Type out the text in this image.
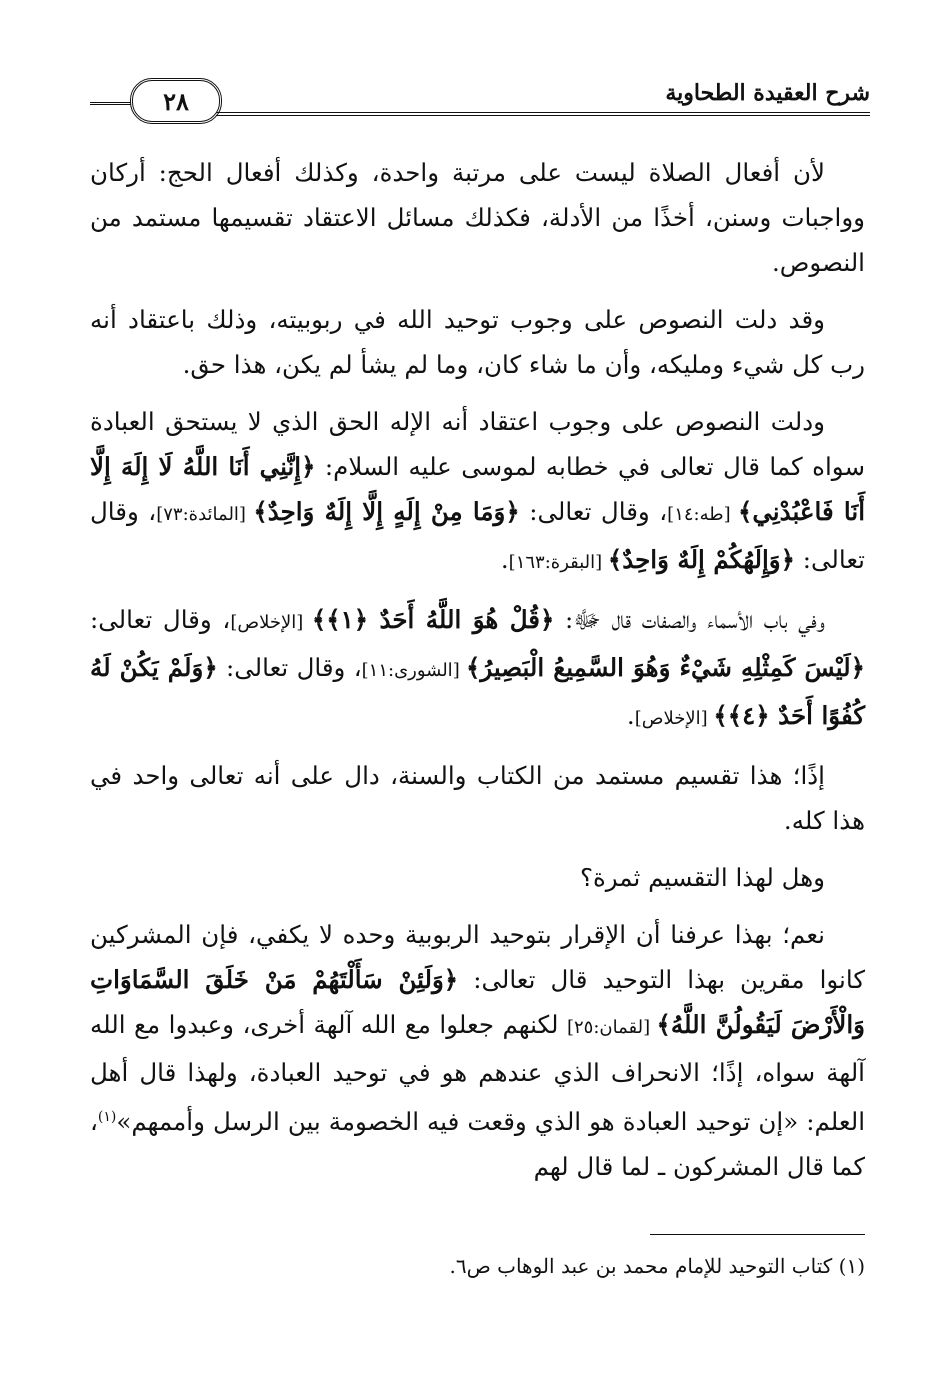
شرح العقيدة الطحاوية
٢٨

لأن أفعال الصلاة ليست على مرتبة واحدة، وكذلك أفعال الحج: أركان وواجبات وسنن، أخذًا من الأدلة، فكذلك مسائل الاعتقاد تقسيمها مستمد من النصوص.

وقد دلت النصوص على وجوب توحيد الله في ربوبيته، وذلك باعتقاد أنه رب كل شيء ومليكه، وأن ما شاء كان، وما لم يشأ لم يكن، هذا حق.

ودلت النصوص على وجوب اعتقاد أنه الإله الحق الذي لا يستحق العبادة سواه كما قال تعالى في خطابه لموسى عليه السلام: ﴿إِنَّنِي أَنَا اللَّهُ لَا إِلَهَ إِلَّا أَنَا فَاعْبُدْنِي﴾ [طه:١٤]، وقال تعالى: ﴿وَمَا مِنْ إِلَهٍ إِلَّا إِلَهٌ وَاحِدٌ﴾ [المائدة:٧٣]، وقال تعالى: ﴿وَإِلَهُكُمْ إِلَهٌ وَاحِدٌ﴾ [البقرة:١٦٣].

وفي باب الأسماء والصفات قال ﷻ: ﴿قُلْ هُوَ اللَّهُ أَحَدٌ ﴿١﴾﴾ [الإخلاص]، وقال تعالى: ﴿لَيْسَ كَمِثْلِهِ شَيْءٌ وَهُوَ السَّمِيعُ الْبَصِيرُ﴾ [الشورى:١١]، وقال تعالى: ﴿وَلَمْ يَكُنْ لَهُ كُفُوًا أَحَدٌ ﴿٤﴾﴾ [الإخلاص].

إذًا؛ هذا تقسيم مستمد من الكتاب والسنة، دال على أنه تعالى واحد في هذا كله.

وهل لهذا التقسيم ثمرة؟

نعم؛ بهذا عرفنا أن الإقرار بتوحيد الربوبية وحده لا يكفي، فإن المشركين كانوا مقرين بهذا التوحيد قال تعالى: ﴿وَلَئِنْ سَأَلْتَهُمْ مَنْ خَلَقَ السَّمَاوَاتِ وَالْأَرْضَ لَيَقُولُنَّ اللَّهُ﴾ [لقمان:٢٥] لكنهم جعلوا مع الله آلهة أخرى، وعبدوا مع الله آلهة سواه، إذًا؛ الانحراف الذي عندهم هو في توحيد العبادة، ولهذا قال أهل العلم: «إن توحيد العبادة هو الذي وقعت فيه الخصومة بين الرسل وأممهم»$^{(١)}$، كما قال المشركون ـ لما قال لهم

(١) كتاب التوحيد للإمام محمد بن عبد الوهاب ص٦.
